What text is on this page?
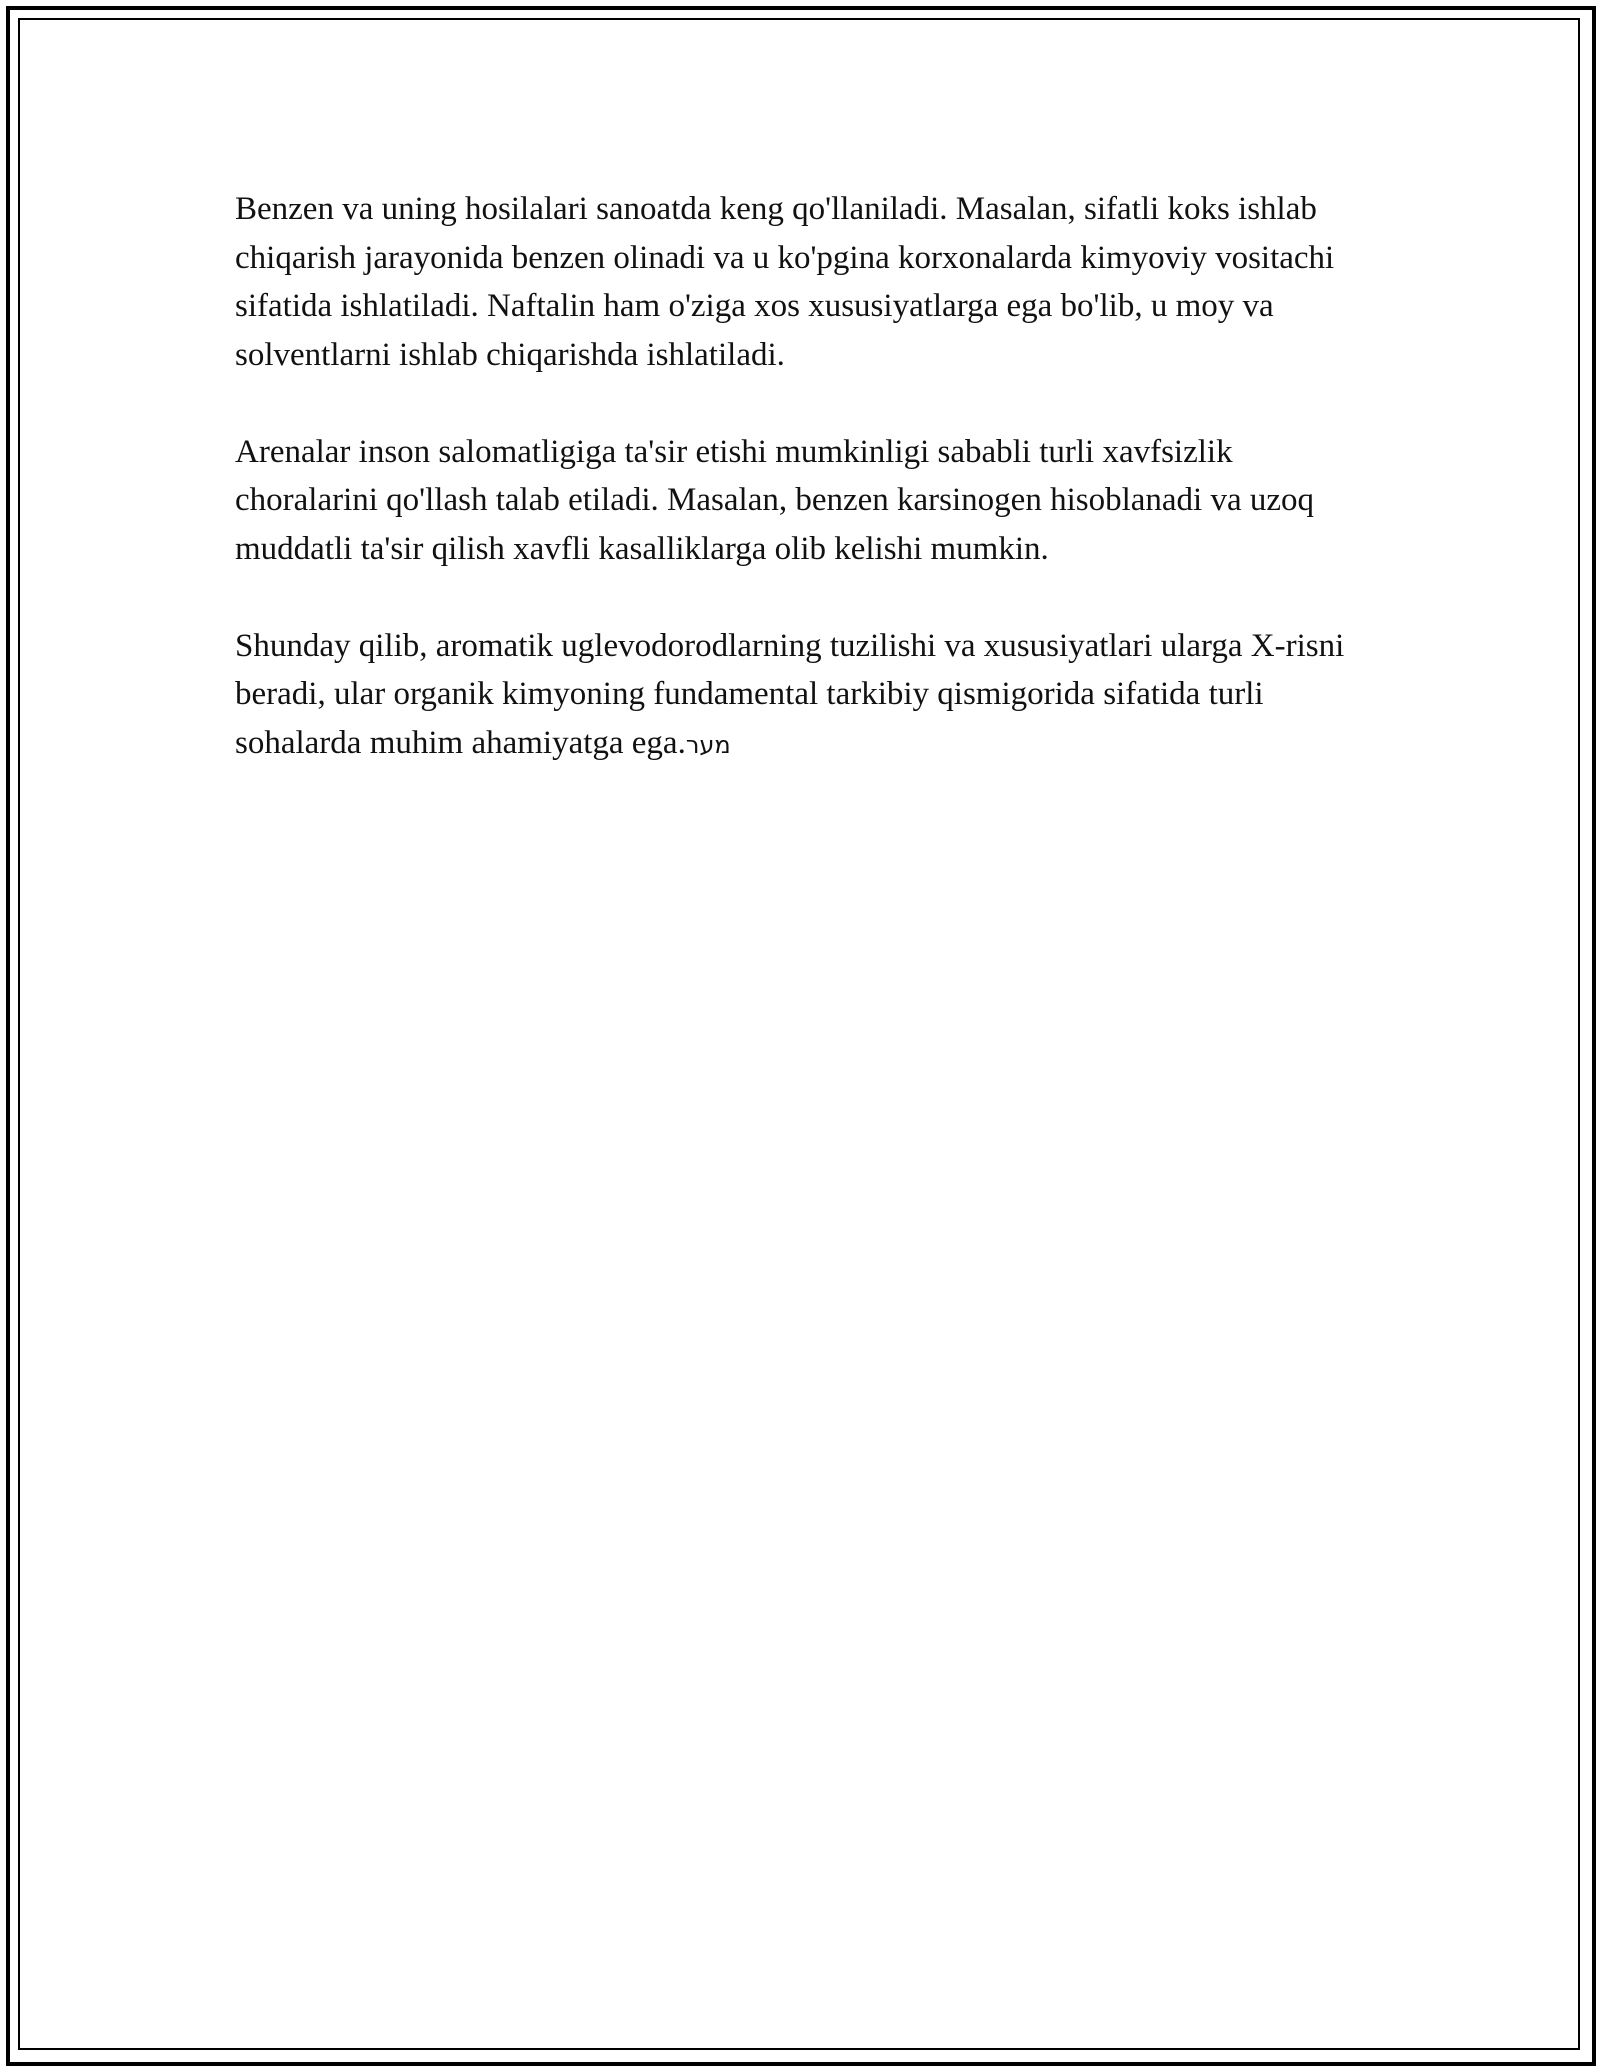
Benzen va uning hosilalari sanoatda keng qo'llaniladi. Masalan, sifatli koks ishlab chiqarish jarayonida benzen olinadi va u ko'pgina korxonalarda kimyoviy vositachi sifatida ishlatiladi. Naftalin ham o'ziga xos xususiyatlarga ega bo'lib, u moy va solventlarni ishlab chiqarishda ishlatiladi.

Arenalar inson salomatligiga ta'sir etishi mumkinligi sababli turli xavfsizlik choralarini qo'llash talab etiladi. Masalan, benzen karsinogen hisoblanadi va uzoq muddatli ta'sir qilish xavfli kasalliklarga olib kelishi mumkin.

Shunday qilib, aromatik uglevodorodlarning tuzilishi va xususiyatlari ularga X-risni beradi, ular organik kimyoning fundamental tarkibiy qismigorida sifatida turli sohalarda muhim ahamiyatga ega.מער
